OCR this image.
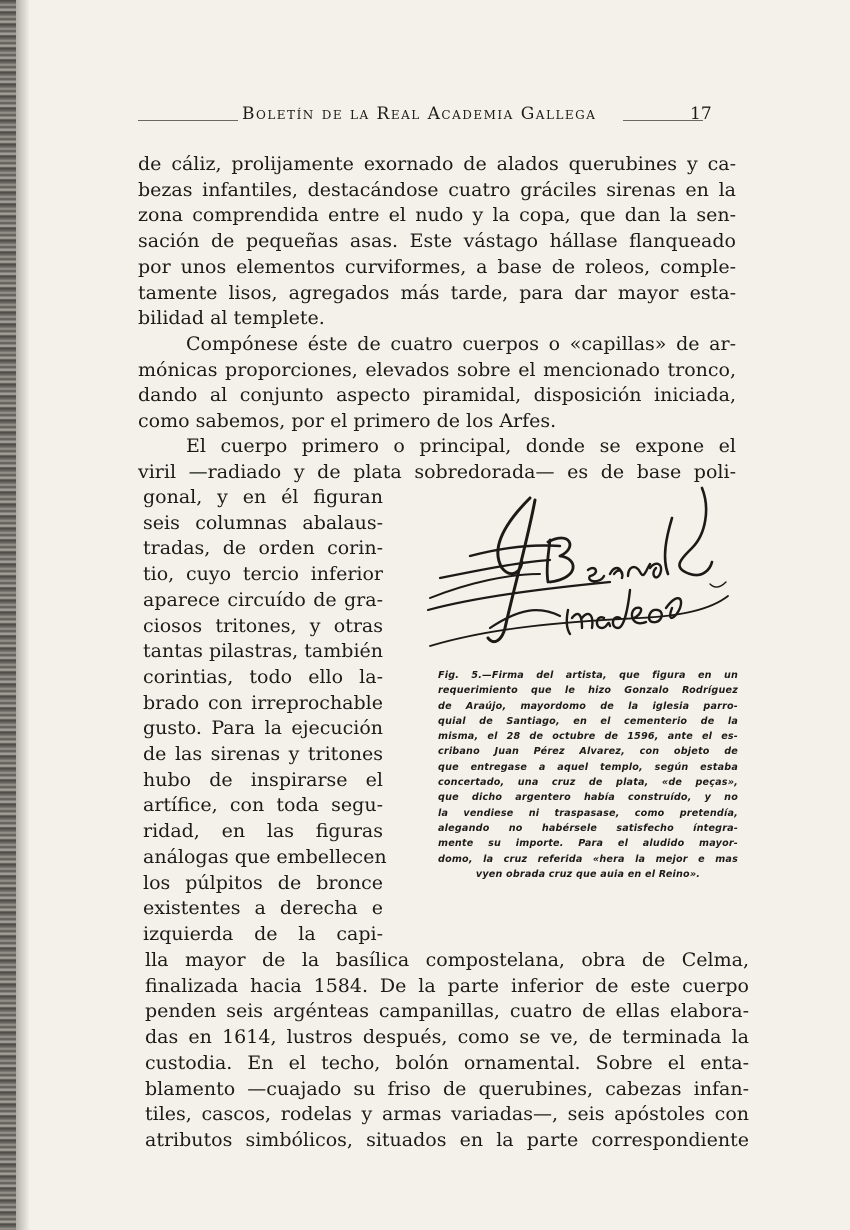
Boletín de la Real Academia Gallega	17
de cáliz, prolijamente exornado de alados querubines y ca-
bezas infantiles, destacándose cuatro gráciles sirenas en la
zona comprendida entre el nudo y la copa, que dan la sen-
sación de pequeñas asas. Este vástago hállase flanqueado
por unos elementos curviformes, a base de roleos, comple-
tamente lisos, agregados más tarde, para dar mayor esta-
bilidad al templete.
Compónese éste de cuatro cuerpos o «capillas» de ar-
mónicas proporciones, elevados sobre el mencionado tronco,
dando al conjunto aspecto piramidal, disposición iniciada,
como sabemos, por el primero de los Arfes.
El cuerpo primero o principal, donde se expone el
viril —radiado y de plata sobredorada— es de base poli-
gonal, y en él figuran
seis columnas abalaus-
tradas, de orden corin-
tio, cuyo tercio inferior
aparece circuído de gra-
ciosos tritones, y otras
tantas pilastras, también
corintias, todo ello la-
brado con irreprochable
gusto. Para la ejecución
de las sirenas y tritones
hubo de inspirarse el
artífice, con toda segu-
ridad, en las figuras
análogas que embellecen
los púlpitos de bronce
existentes a derecha e
izquierda de la capi-
lla mayor de la basílica compostelana, obra de Celma,
finalizada hacia 1584. De la parte inferior de este cuerpo
penden seis argénteas campanillas, cuatro de ellas elabora-
das en 1614, lustros después, como se ve, de terminada la
custodia. En el techo, bolón ornamental. Sobre el enta-
blamento —cuajado su friso de querubines, cabezas infan-
tiles, cascos, rodelas y armas variadas—, seis apóstoles con
atributos simbólicos, situados en la parte correspondiente

Fig. 5.—Firma del artista, que figura en un
requerimiento que le hizo Gonzalo Rodríguez
de Araújo, mayordomo de la iglesia parro-
quial de Santiago, en el cementerio de la
misma, el 28 de octubre de 1596, ante el es-
cribano Juan Pérez Alvarez, con objeto de
que entregase a aquel templo, según estaba
concertado, una cruz de plata, «de peças»,
que dicho argentero había construído, y no
la vendiese ni traspasase, como pretendía,
alegando no habérsele satisfecho íntegra-
mente su importe. Para el aludido mayor-
domo, la cruz referida «hera la mejor e mas
vyen obrada cruz que auia en el Reino».
